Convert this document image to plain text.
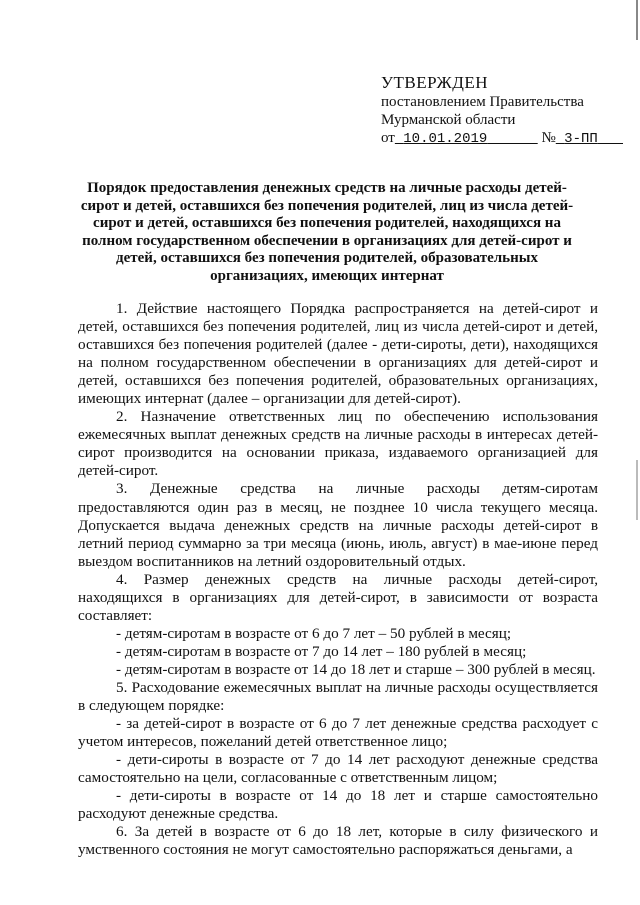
УТВЕРЖДЕН
постановлением Правительства
Мурманской области
от 10.01.2019	№ 3-ПП
Порядок предоставления денежных средств на личные расходы детей-
сирот и детей, оставшихся без попечения родителей, лиц из числа детей-
сирот и детей, оставшихся без попечения родителей, находящихся на
полном государственном обеспечении в организациях для детей-сирот и
детей, оставшихся без попечения родителей, образовательных
организациях, имеющих интернат

1. Действие настоящего Порядка распространяется на детей-сирот и детей, оставшихся без попечения родителей, лиц из числа детей-сирот и детей, оставшихся без попечения родителей (далее - дети-сироты, дети), находящихся на полном государственном обеспечении в организациях для детей-сирот и детей, оставшихся без попечения родителей, образовательных организациях, имеющих интернат (далее – организации для детей-сирот).

2. Назначение ответственных лиц по обеспечению использования ежемесячных выплат денежных средств на личные расходы в интересах детей-сирот производится на основании приказа, издаваемого организацией для детей-сирот.

3. Денежные средства на личные расходы детям-сиротам предоставляются один раз в месяц, не позднее 10 числа текущего месяца. Допускается выдача денежных средств на личные расходы детей-сирот в летний период суммарно за три месяца (июнь, июль, август) в мае-июне перед выездом воспитанников на летний оздоровительный отдых.

4. Размер денежных средств на личные расходы детей-сирот, находящихся в организациях для детей-сирот, в зависимости от возраста составляет:

- детям-сиротам в возрасте от 6 до 7 лет – 50 рублей в месяц;

- детям-сиротам в возрасте от 7 до 14 лет – 180 рублей в месяц;

- детям-сиротам в возрасте от 14 до 18 лет и старше – 300 рублей в месяц.

5. Расходование ежемесячных выплат на личные расходы осуществляется в следующем порядке:

- за детей-сирот в возрасте от 6 до 7 лет денежные средства расходует с учетом интересов, пожеланий детей ответственное лицо;

- дети-сироты в возрасте от 7 до 14 лет расходуют денежные средства самостоятельно на цели, согласованные с ответственным лицом;

- дети-сироты в возрасте от 14 до 18 лет и старше самостоятельно расходуют денежные средства.

6. За детей в возрасте от 6 до 18 лет, которые в силу физического и умственного состояния не могут самостоятельно распоряжаться деньгами, а
